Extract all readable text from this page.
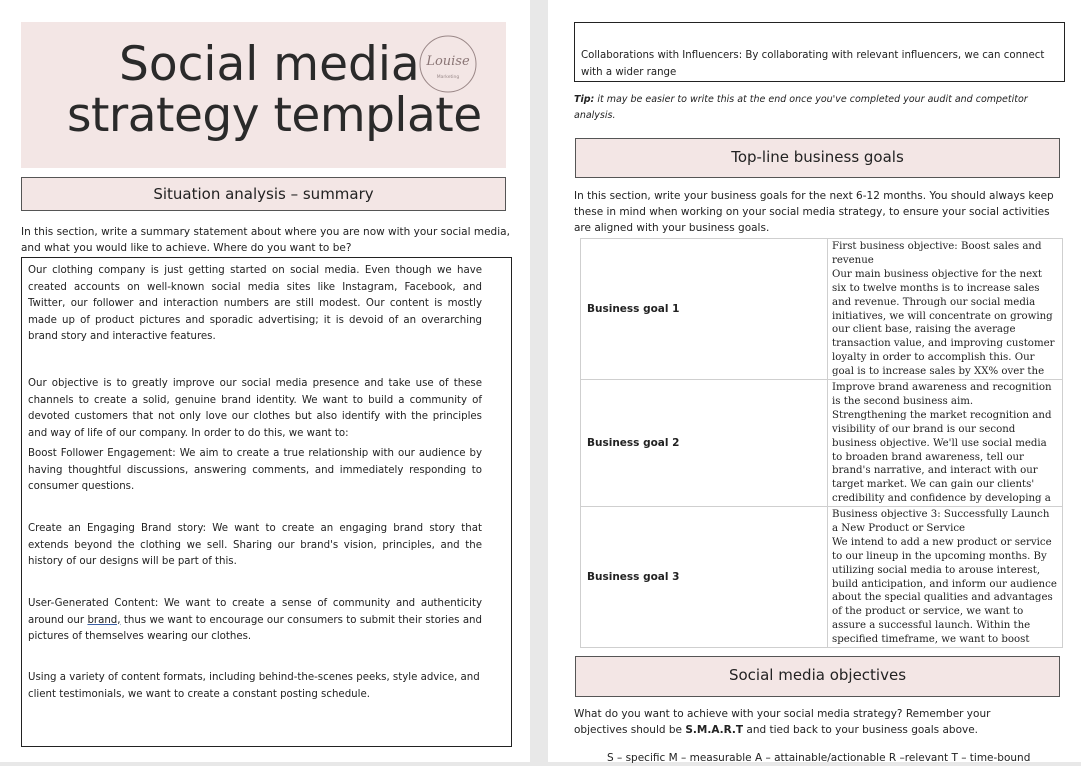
Social media
strategy template
Louise
Marketing
Situation analysis – summary
In this section, write a summary statement about where you are now with your social media,
and what you would like to achieve. Where do you want to be?

Our clothing company is just getting started on social media. Even though we have created accounts on well-known social media sites like Instagram, Facebook, and Twitter, our follower and interaction numbers are still modest. Our content is mostly made up of product pictures and sporadic advertising; it is devoid of an overarching brand story and interactive features.

Our objective is to greatly improve our social media presence and take use of these channels to create a solid, genuine brand identity. We want to build a community of devoted customers that not only love our clothes but also identify with the principles and way of life of our company. In order to do this, we want to:

Boost Follower Engagement: We aim to create a true relationship with our audience by having thoughtful discussions, answering comments, and immediately responding to consumer questions.

Create an Engaging Brand story: We want to create an engaging brand story that extends beyond the clothing we sell. Sharing our brand's vision, principles, and the history of our designs will be part of this.

User-Generated Content: We want to create a sense of community and authenticity around our brand, thus we want to encourage our consumers to submit their stories and pictures of themselves wearing our clothes.

Using a variety of content formats, including behind-the-scenes peeks, style advice, and client testimonials, we want to create a constant posting schedule.

Collaborations with Influencers: By collaborating with relevant influencers, we can connect with a wider range

Tip: it may be easier to write this at the end once you've completed your audit and competitor analysis.
Top-line business goals
In this section, write your business goals for the next 6-12 months. You should always keep these in mind when working on your social media strategy, to ensure your social activities are aligned with your business goals.
Business goal 1	First business objective: Boost sales and revenue
Our main business objective for the next six to twelve months is to increase sales and revenue. Through our social media initiatives, we will concentrate on growing our client base, raising the average transaction value, and improving customer loyalty in order to accomplish this. Our goal is to increase sales by XX% over the

Business goal 2	Improve brand awareness and recognition is the second business aim.
Strengthening the market recognition and visibility of our brand is our second business objective. We'll use social media to broaden brand awareness, tell our brand's narrative, and interact with our target market. We can gain our clients' credibility and confidence by developing a

Business goal 3	Business objective 3: Successfully Launch a New Product or Service
We intend to add a new product or service to our lineup in the upcoming months. By utilizing social media to arouse interest, build anticipation, and inform our audience about the special qualities and advantages of the product or service, we want to assure a successful launch. Within the specified timeframe, we want to boost
Social media objectives
What do you want to achieve with your social media strategy? Remember your objectives should be S.M.A.R.T and tied back to your business goals above.
S – specific M – measurable A – attainable/actionable R –relevant T – time-bound
